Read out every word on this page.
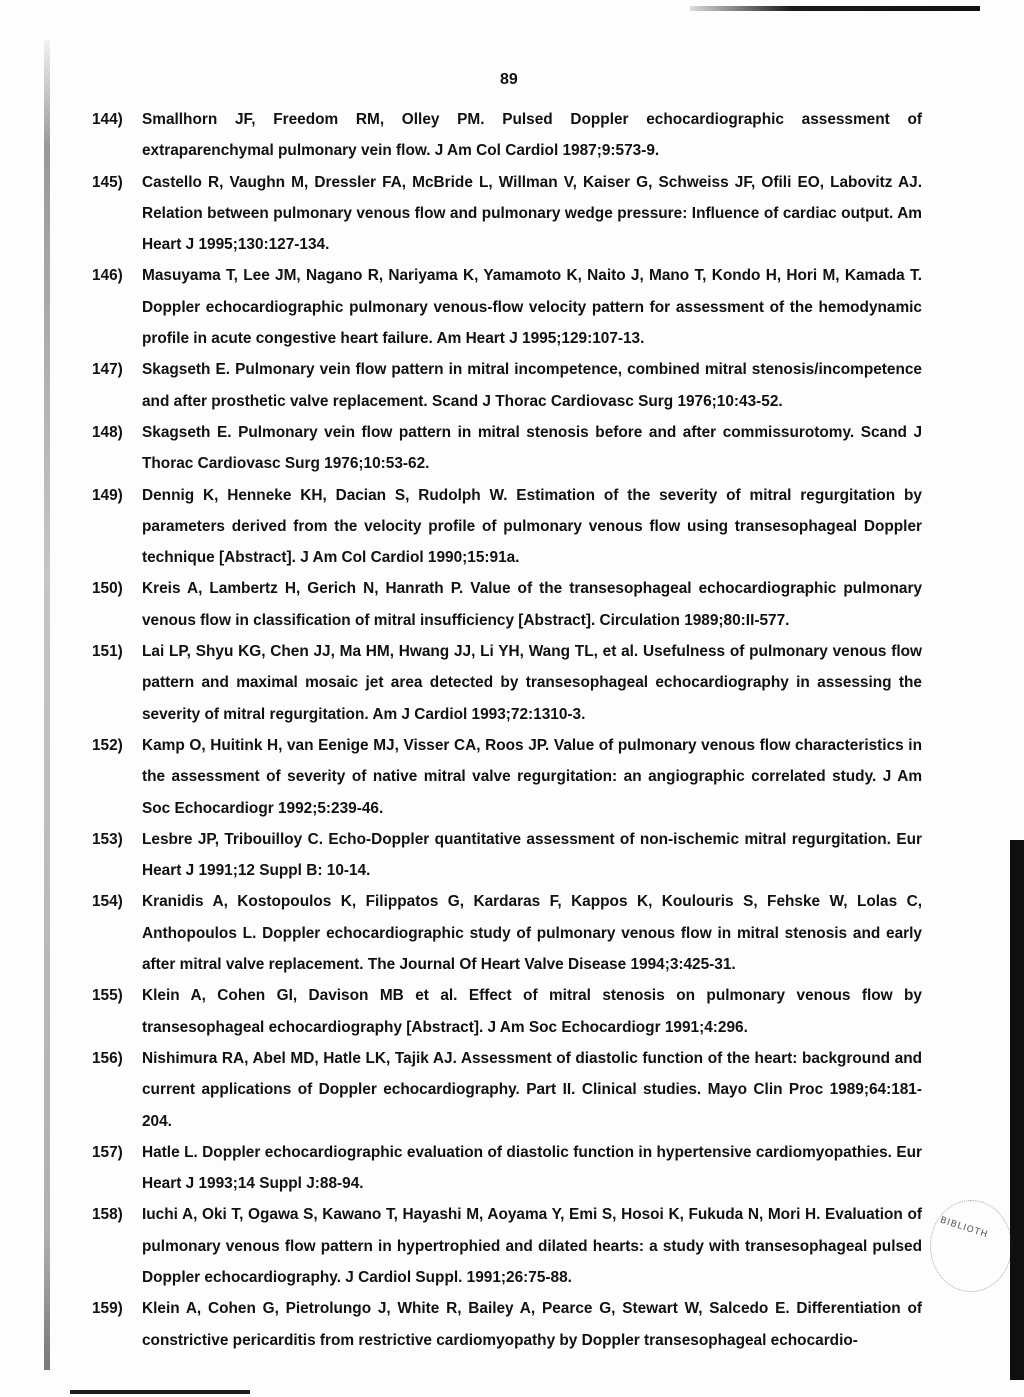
BIBLIOTH
89
144)	Smallhorn JF, Freedom RM, Olley PM. Pulsed Doppler echocardiographic assessment of extraparenchymal pulmonary vein flow. J Am Col Cardiol 1987;9:573-9.
145)	Castello R, Vaughn M, Dressler FA, McBride L, Willman V, Kaiser G, Schweiss JF, Ofili EO, Labovitz AJ. Relation between pulmonary venous flow and pulmonary wedge pressure: Influence of cardiac output. Am Heart J 1995;130:127-134.
146)	Masuyama T, Lee JM, Nagano R, Nariyama K, Yamamoto K, Naito J, Mano T, Kondo H, Hori M, Kamada T. Doppler echocardiographic pulmonary venous-flow velocity pattern for assessment of the hemodynamic profile in acute congestive heart failure. Am Heart J 1995;129:107-13.
147)	Skagseth E. Pulmonary vein flow pattern in mitral incompetence, combined mitral stenosis/incompetence and after prosthetic valve replacement. Scand J Thorac Cardiovasc Surg 1976;10:43-52.
148)	Skagseth E. Pulmonary vein flow pattern in mitral stenosis before and after commissurotomy. Scand J Thorac Cardiovasc Surg 1976;10:53-62.
149)	Dennig K, Henneke KH, Dacian S, Rudolph W. Estimation of the severity of mitral regurgitation by parameters derived from the velocity profile of pulmonary venous flow using transesophageal Doppler technique [Abstract]. J Am Col Cardiol 1990;15:91a.
150)	Kreis A, Lambertz H, Gerich N, Hanrath P. Value of the transesophageal echocardiographic pulmonary venous flow in classification of mitral insufficiency [Abstract]. Circulation 1989;80:II-577.
151)	Lai LP, Shyu KG, Chen JJ, Ma HM, Hwang JJ, Li YH, Wang TL, et al. Usefulness of pulmonary venous flow pattern and maximal mosaic jet area detected by transesophageal echocardiography in assessing the severity of mitral regurgitation. Am J Cardiol 1993;72:1310-3.
152)	Kamp O, Huitink H, van Eenige MJ, Visser CA, Roos JP. Value of pulmonary venous flow characteristics in the assessment of severity of native mitral valve regurgitation: an angiographic correlated study. J Am Soc Echocardiogr 1992;5:239-46.
153)	Lesbre JP, Tribouilloy C. Echo-Doppler quantitative assessment of non-ischemic mitral regurgitation. Eur Heart J 1991;12 Suppl B: 10-14.
154)	Kranidis A, Kostopoulos K, Filippatos G, Kardaras F, Kappos K, Koulouris S, Fehske W, Lolas C, Anthopoulos L. Doppler echocardiographic study of pulmonary venous flow in mitral stenosis and early after mitral valve replacement. The Journal Of Heart Valve Disease 1994;3:425-31.
155)	Klein A, Cohen GI, Davison MB et al. Effect of mitral stenosis on pulmonary venous flow by transesophageal echocardiography [Abstract]. J Am Soc Echocardiogr 1991;4:296.
156)	Nishimura RA, Abel MD, Hatle LK, Tajik AJ. Assessment of diastolic function of the heart: background and current applications of Doppler echocardiography. Part II. Clinical studies. Mayo Clin Proc 1989;64:181-204.
157)	Hatle L. Doppler echocardiographic evaluation of diastolic function in hypertensive cardiomyopathies. Eur Heart J 1993;14 Suppl J:88-94.
158)	Iuchi A, Oki T, Ogawa S, Kawano T, Hayashi M, Aoyama Y, Emi S, Hosoi K, Fukuda N, Mori H. Evaluation of pulmonary venous flow pattern in hypertrophied and dilated hearts: a study with transesophageal pulsed Doppler echocardiography. J Cardiol Suppl. 1991;26:75-88.
159)	Klein A, Cohen G, Pietrolungo J, White R, Bailey A, Pearce G, Stewart W, Salcedo E. Differentiation of constrictive pericarditis from restrictive cardiomyopathy by Doppler transesophageal echocardio-
